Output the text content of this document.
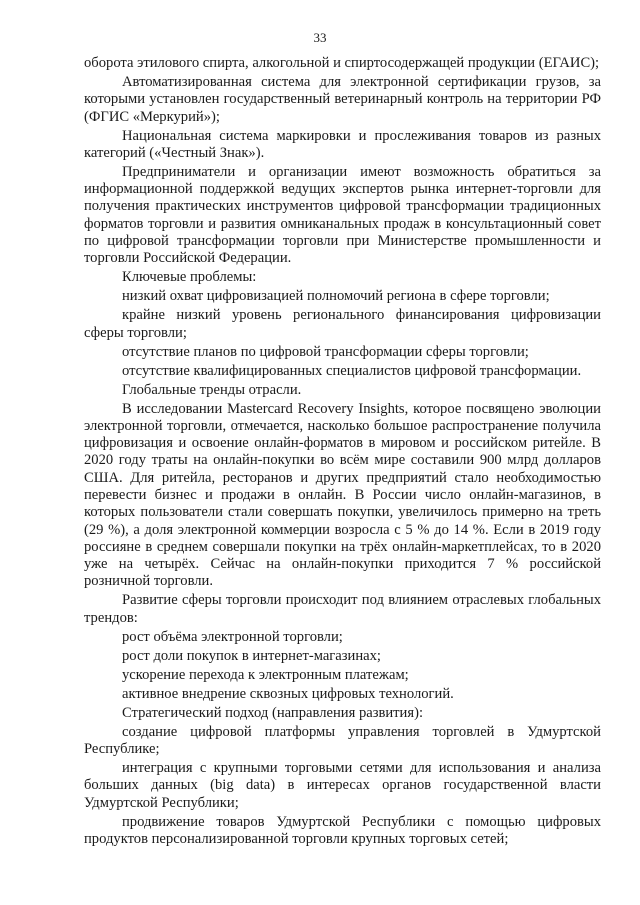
33

оборота этилового спирта, алкогольной и спиртосодержащей продукции (ЕГАИС);

Автоматизированная система для электронной сертификации грузов, за которыми установлен государственный ветеринарный контроль на территории РФ (ФГИС «Меркурий»);

Национальная система маркировки и прослеживания товаров из разных категорий («Честный Знак»).

Предприниматели и организации имеют возможность обратиться за информационной поддержкой ведущих экспертов рынка интернет-торговли для получения практических инструментов цифровой трансформации традиционных форматов торговли и развития омниканальных продаж в консультационный совет по цифровой трансформации торговли при Министерстве промышленности и торговли Российской Федерации.

Ключевые проблемы:

низкий охват цифровизацией полномочий региона в сфере торговли;

крайне низкий уровень регионального финансирования цифровизации сферы торговли;

отсутствие планов по цифровой трансформации сферы торговли;

отсутствие квалифицированных специалистов цифровой трансформации.

Глобальные тренды отрасли.

В исследовании Mastercard Recovery Insights, которое посвящено эволюции электронной торговли, отмечается, насколько большое распространение получила цифровизация и освоение онлайн-форматов в мировом и российском ритейле. В 2020 году траты на онлайн-покупки во всём мире составили 900 млрд долларов США. Для ритейла, ресторанов и других предприятий стало необходимостью перевести бизнес и продажи в онлайн. В России число онлайн-магазинов, в которых пользователи стали совершать покупки, увеличилось примерно на треть (29 %), а доля электронной коммерции возросла с 5 % до 14 %. Если в 2019 году россияне в среднем совершали покупки на трёх онлайн-маркетплейсах, то в 2020 уже на четырёх. Сейчас на онлайн-покупки приходится 7 % российской розничной торговли.

Развитие сферы торговли происходит под влиянием отраслевых глобальных трендов:

рост объёма электронной торговли;

рост доли покупок в интернет-магазинах;

ускорение перехода к электронным платежам;

активное внедрение сквозных цифровых технологий.

Стратегический подход (направления развития):

создание цифровой платформы управления торговлей в Удмуртской Республике;

интеграция с крупными торговыми сетями для использования и анализа больших данных (big data) в интересах органов государственной власти Удмуртской Республики;

продвижение товаров Удмуртской Республики с помощью цифровых продуктов персонализированной торговли крупных торговых сетей;
